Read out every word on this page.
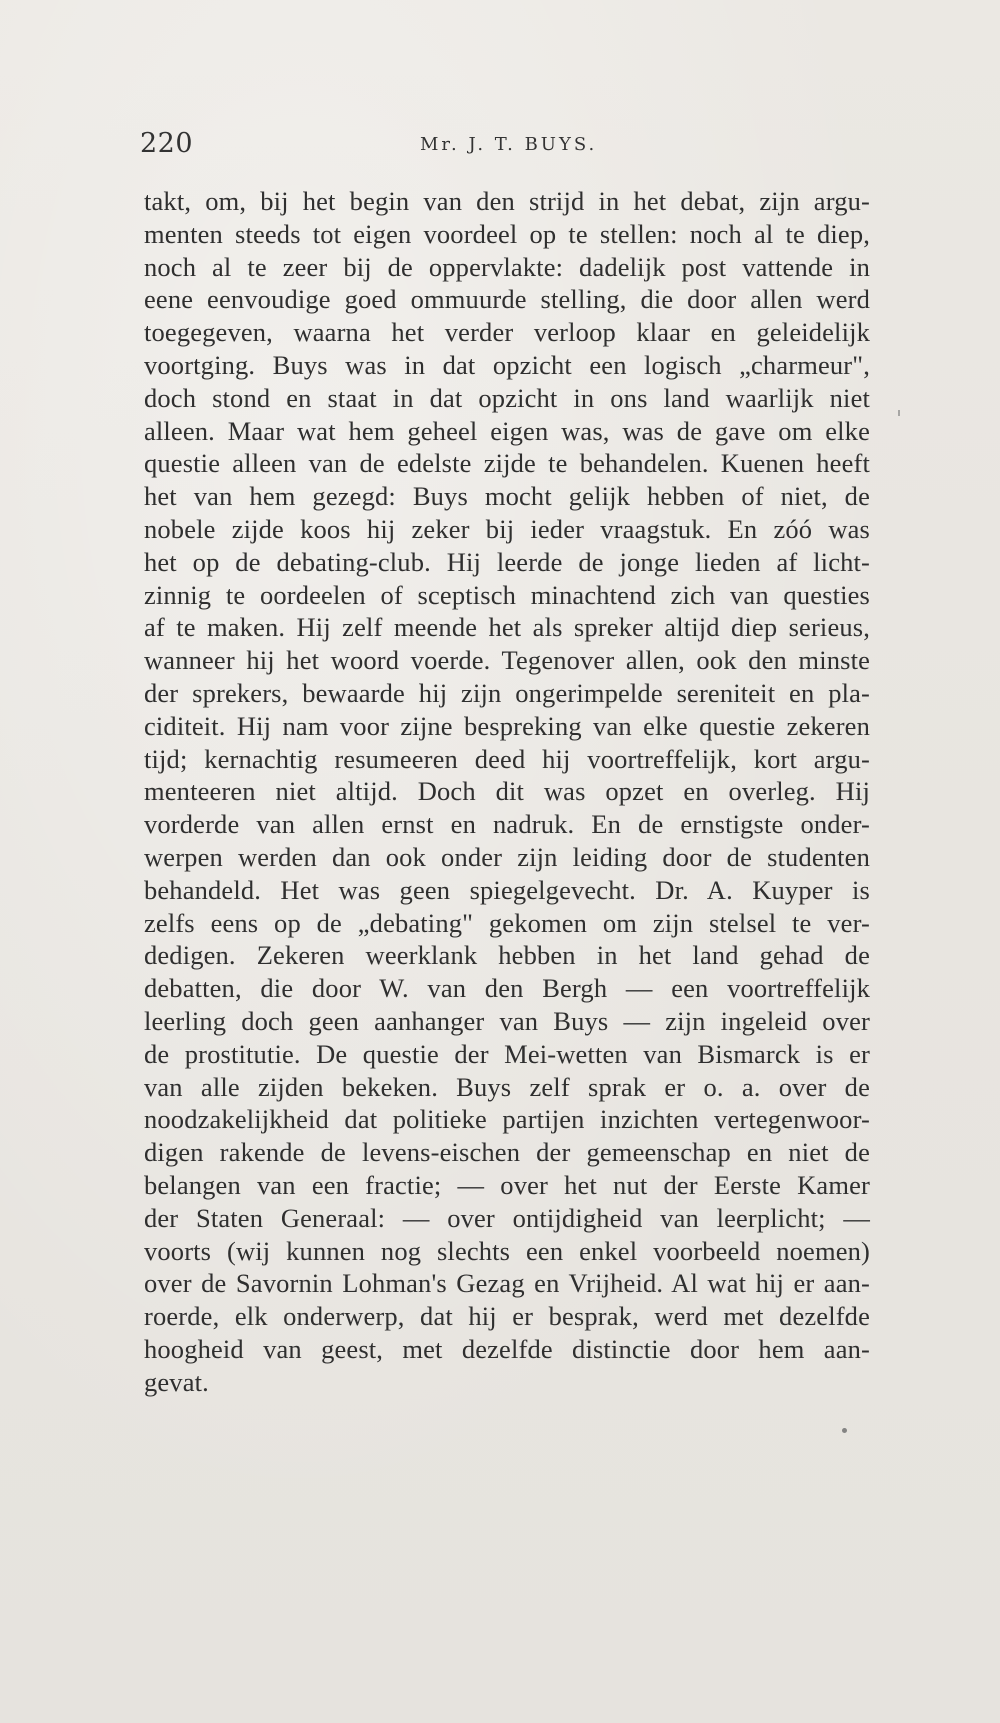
220	Mr. J. T. BUYS.
takt, om, bij het begin van den strijd in het debat, zijn argu-
menten steeds tot eigen voordeel op te stellen: noch al te diep,
noch al te zeer bij de oppervlakte: dadelijk post vattende in
eene eenvoudige goed ommuurde stelling, die door allen werd
toegegeven, waarna het verder verloop klaar en geleidelijk
voortging. Buys was in dat opzicht een logisch „charmeur",
doch stond en staat in dat opzicht in ons land waarlijk niet
alleen. Maar wat hem geheel eigen was, was de gave om elke
questie alleen van de edelste zijde te behandelen. Kuenen heeft
het van hem gezegd: Buys mocht gelijk hebben of niet, de
nobele zijde koos hij zeker bij ieder vraagstuk. En zóó was
het op de debating-club. Hij leerde de jonge lieden af licht-
zinnig te oordeelen of sceptisch minachtend zich van questies
af te maken. Hij zelf meende het als spreker altijd diep serieus,
wanneer hij het woord voerde. Tegenover allen, ook den minste
der sprekers, bewaarde hij zijn ongerimpelde sereniteit en pla-
ciditeit. Hij nam voor zijne bespreking van elke questie zekeren
tijd; kernachtig resumeeren deed hij voortreffelijk, kort argu-
menteeren niet altijd. Doch dit was opzet en overleg. Hij
vorderde van allen ernst en nadruk. En de ernstigste onder-
werpen werden dan ook onder zijn leiding door de studenten
behandeld. Het was geen spiegelgevecht. Dr. A. Kuyper is
zelfs eens op de „debating" gekomen om zijn stelsel te ver-
dedigen. Zekeren weerklank hebben in het land gehad de
debatten, die door W. van den Bergh — een voortreffelijk
leerling doch geen aanhanger van Buys — zijn ingeleid over
de prostitutie. De questie der Mei-wetten van Bismarck is er
van alle zijden bekeken. Buys zelf sprak er o. a. over de
noodzakelijkheid dat politieke partijen inzichten vertegenwoor-
digen rakende de levens-eischen der gemeenschap en niet de
belangen van een fractie; — over het nut der Eerste Kamer
der Staten Generaal: — over ontijdigheid van leerplicht; —
voorts (wij kunnen nog slechts een enkel voorbeeld noemen)
over de Savornin Lohman's Gezag en Vrijheid. Al wat hij er aan-
roerde, elk onderwerp, dat hij er besprak, werd met dezelfde
hoogheid van geest, met dezelfde distinctie door hem aan-
gevat.
